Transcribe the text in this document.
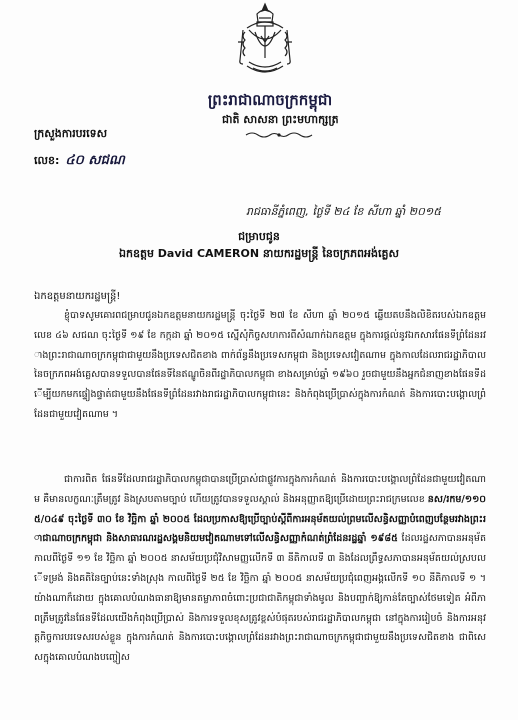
ព្រះរាជាណាចក្រកម្ពុជា
ជាតិ សាសនា ព្រះមហាក្សត្រ
ក្រសួងការបរទេស
លេខ: ៤០ សជណ
រាជធានីភ្នំពេញ, ថ្ងៃទី ២៤ ខែ សីហា ឆ្នាំ ២០១៥
ជម្រាបជូន
ឯកឧត្តម David CAMERON នាយករដ្ឋមន្ត្រី នៃចក្រភពអង់គ្លេស
ឯកឧត្តមនាយករដ្ឋមន្ត្រី!
ខ្ញុំបាទសូមគោរពជម្រាបជូនឯកឧត្តមនាយករដ្ឋមន្ត្រី ចុះថ្ងៃទី ២៧ ខែ សីហា ឆ្នាំ ២០១៥ ឆ្លើយតបនឹងលិខិតរបស់ឯកឧត្តម លេខ ៤៦ សជណ ចុះថ្ងៃទី ១៩ ខែ កក្កដា ឆ្នាំ ២០១៥ ស្នើសុំកិច្ចសហការពីសំណាក់ឯកឧត្តម ក្នុងការផ្តល់នូវឯកសារផែនទីព្រំដែនរវាងព្រះរាជាណាចក្រកម្ពុជាជាមួយនឹងប្រទេសជិតខាង ពាក់ព័ន្ធនឹងប្រទេសកម្ពុជា និងប្រទេសវៀតណាម ក្នុងកាលដែលរាជរដ្ឋាភិបាលនៃចក្រភពអង់គ្លេសបានទទួលបានផែនទីនៃឥណ្ឌូចិនពីរដ្ឋាភិបាលកម្ពុជា ខាងសម្រាប់ឆ្នាំ ១៩៦០ រួចជាមួយនឹងអ្នកជំនាញខាងផែនទីដើម្បីយកមកផ្ទៀងផ្ទាត់ជាមួយនឹងផែនទីព្រំដែនរវាងរាជរដ្ឋាភិបាលកម្ពុជានេះ និងកំពុងប្រើប្រាស់ក្នុងការកំណត់ និងការបោះបង្គោលព្រំដែនជាមួយវៀតណាម ។
ជាការពិត ផែនទីដែលរាជរដ្ឋាភិបាលកម្ពុជាបានប្រើប្រាស់ជាផ្លូវការក្នុងការកំណត់ និងការបោះបង្គោលព្រំដែនជាមួយវៀតណាម គឺមានលក្ខណៈត្រឹមត្រូវ និងស្របតាមច្បាប់ ហើយត្រូវបានទទួលស្គាល់ និងអនុញ្ញាតឱ្យប្រើដោយព្រះរាជក្រមលេខ នស/រកម/១១០៥/០៤៩ ចុះថ្ងៃទី ៣០ ខែ វិច្ឆិកា ឆ្នាំ ២០០៥ ដែលប្រកាសឱ្យប្រើច្បាប់ស្តីពីការអនុម័តយល់ព្រមលើសន្ធិសញ្ញាបំពេញបន្ថែមរវាងព្រះរាជាណាចក្រកម្ពុជា និងសាធារណរដ្ឋសង្គមនិយមវៀតណាមទៅលើសន្ធិសញ្ញាកំណត់ព្រំដែនរដ្ឋឆ្នាំ ១៩៨៥ ដែលរដ្ឋសភាបានអនុម័តកាលពីថ្ងៃទី ១១ ខែ វិច្ឆិកា ឆ្នាំ ២០០៥ នាសម័យប្រជុំវិសាមញ្ញលើកទី ៣ នីតិកាលទី ៣ និងដែលព្រឹទ្ធសភាបានអនុម័តយល់ស្របលើទម្រង់ និងគតិនៃច្បាប់នេះទាំងស្រុង កាលពីថ្ងៃទី ២៥ ខែ វិច្ឆិកា ឆ្នាំ ២០០៥ នាសម័យប្រជុំពេញអង្គលើកទី ១០ នីតិកាលទី ១ ។ យ៉ាងណាក៏ដោយ ក្នុងគោលបំណងធានាឱ្យមានតម្លាភាពចំពោះប្រជាជាតិកម្ពុជាទាំងមូល និងបញ្ជាក់ឱ្យកាន់តែច្បាស់ថែមទៀត អំពីភាពត្រឹមត្រូវនៃផែនទីដែលយើងកំពុងប្រើប្រាស់ និងការទទួលខុសត្រូវខ្ពស់បំផុតរបស់រាជរដ្ឋាភិបាលកម្ពុជា នៅក្នុងការរៀបចំ និងការអនុវត្តកិច្ចការបរទេសរបស់ខ្លួន ក្នុងការកំណត់ និងការបោះបង្គោលព្រំដែនរវាងព្រះរាជាណាចក្រកម្ពុជាជាមួយនឹងប្រទេសជិតខាង ជាពិសេសក្នុងគោលបំណងបញ្ចៀស
